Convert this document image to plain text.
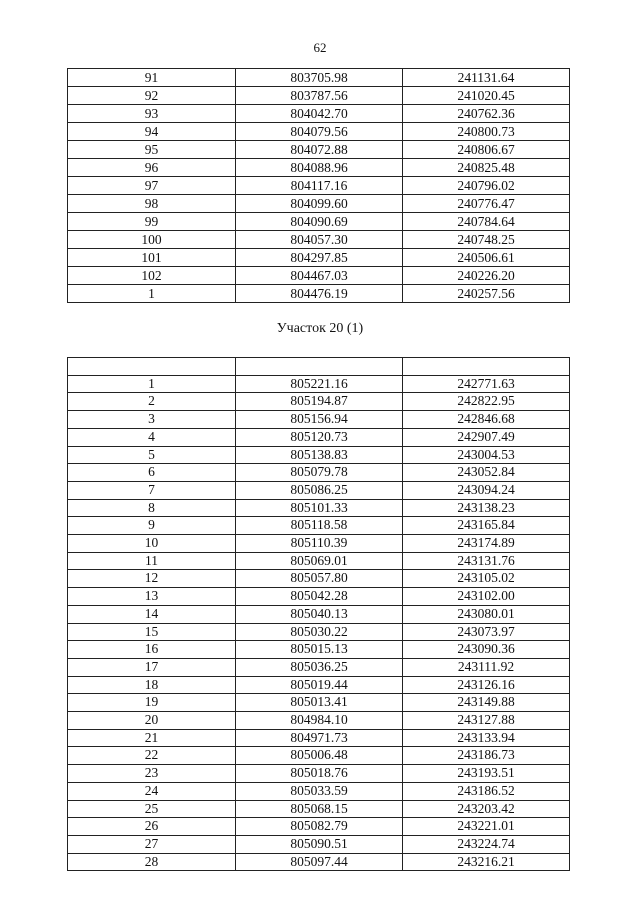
62
91	803705.98	241131.64
92	803787.56	241020.45
93	804042.70	240762.36
94	804079.56	240800.73
95	804072.88	240806.67
96	804088.96	240825.48
97	804117.16	240796.02
98	804099.60	240776.47
99	804090.69	240784.64
100	804057.30	240748.25
101	804297.85	240506.61
102	804467.03	240226.20
1	804476.19	240257.56
Участок 20 (1)

1	805221.16	242771.63
2	805194.87	242822.95
3	805156.94	242846.68
4	805120.73	242907.49
5	805138.83	243004.53
6	805079.78	243052.84
7	805086.25	243094.24
8	805101.33	243138.23
9	805118.58	243165.84
10	805110.39	243174.89
11	805069.01	243131.76
12	805057.80	243105.02
13	805042.28	243102.00
14	805040.13	243080.01
15	805030.22	243073.97
16	805015.13	243090.36
17	805036.25	243111.92
18	805019.44	243126.16
19	805013.41	243149.88
20	804984.10	243127.88
21	804971.73	243133.94
22	805006.48	243186.73
23	805018.76	243193.51
24	805033.59	243186.52
25	805068.15	243203.42
26	805082.79	243221.01
27	805090.51	243224.74
28	805097.44	243216.21
